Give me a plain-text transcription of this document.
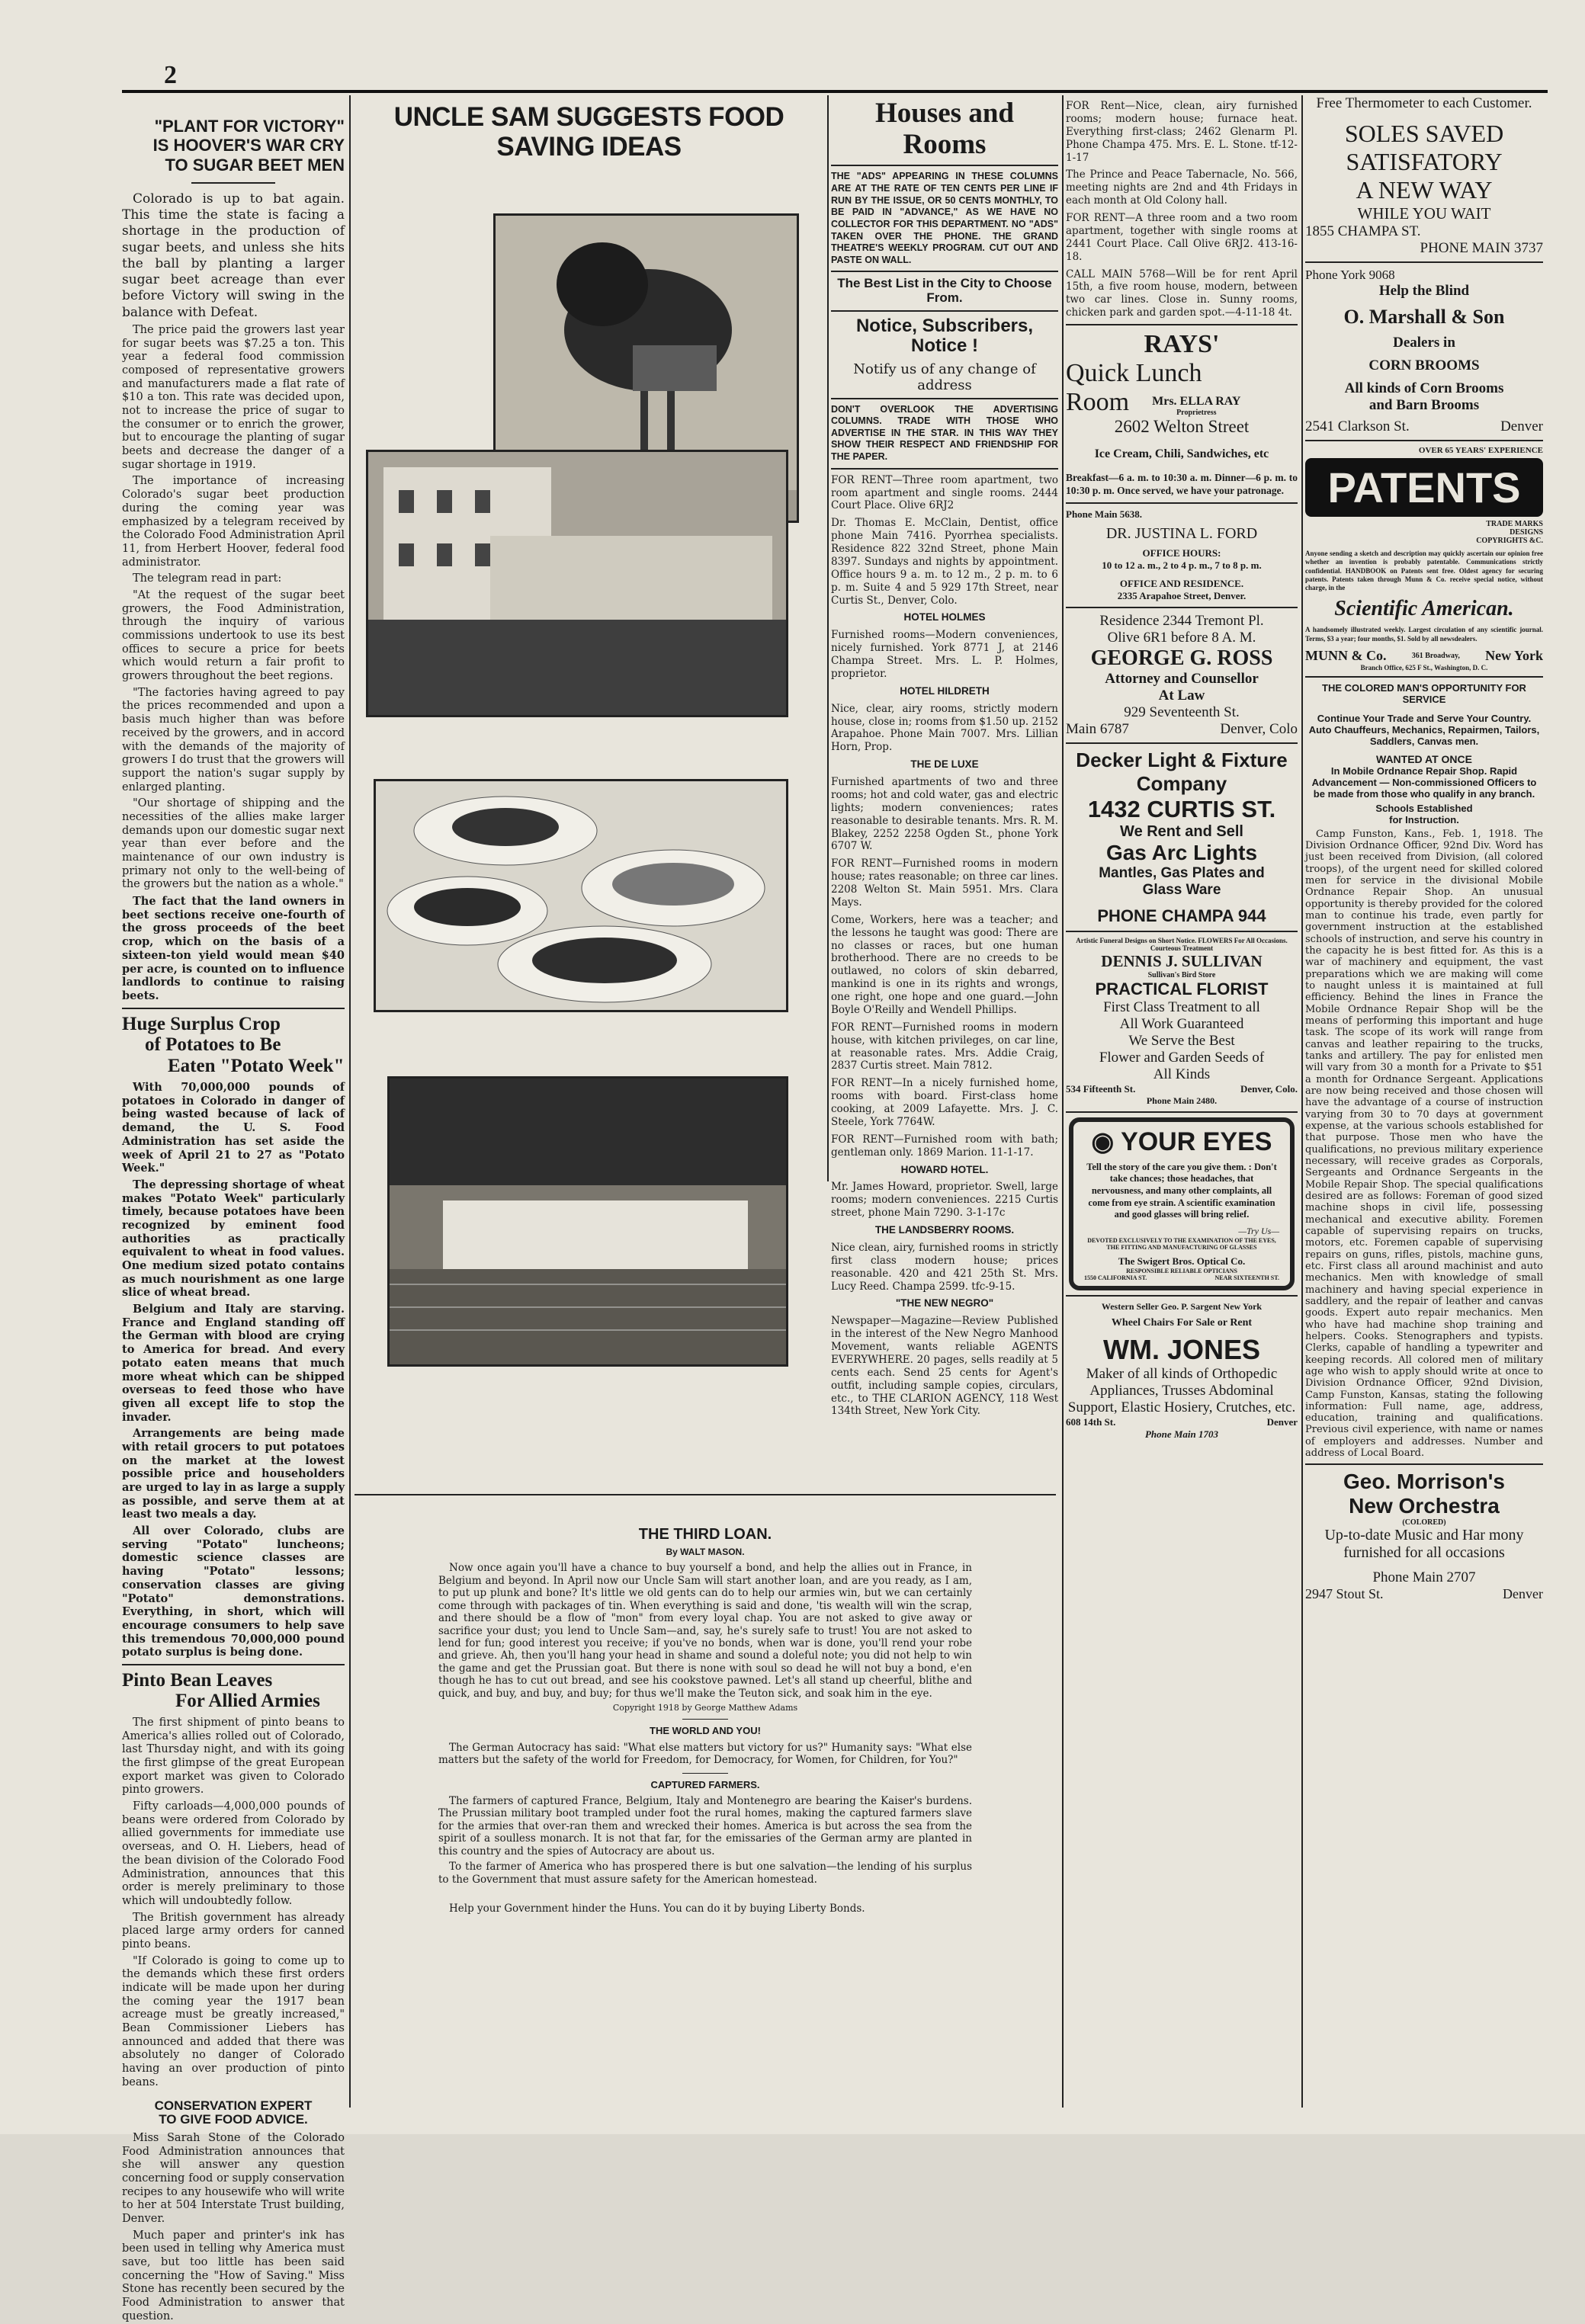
2
"PLANT FOR VICTORY"
IS HOOVER'S WAR CRY
TO SUGAR BEET MEN

Colorado is up to bat again. This time the state is facing a shortage in the production of sugar beets, and unless she hits the ball by planting a larger sugar beet acreage than ever before Victory will swing in the balance with Defeat.

The price paid the growers last year for sugar beets was $7.25 a ton. This year a federal food commission composed of representative growers and manufacturers made a flat rate of $10 a ton. This rate was decided upon, not to increase the price of sugar to the consumer or to enrich the grower, but to encourage the planting of sugar beets and decrease the danger of a sugar shortage in 1919.

The importance of increasing Colorado's sugar beet production during the coming year was emphasized by a telegram received by the Colorado Food Administration April 11, from Herbert Hoover, federal food administrator.

The telegram read in part:

"At the request of the sugar beet growers, the Food Administration, through the inquiry of various commissions undertook to use its best offices to secure a price for beets which would return a fair profit to growers throughout the beet regions.

"The factories having agreed to pay the prices recommended and upon a basis much higher than was before received by the growers, and in accord with the demands of the majority of growers I do trust that the growers will support the nation's sugar supply by enlarged planting.

"Our shortage of shipping and the necessities of the allies make larger demands upon our domestic sugar next year than ever before and the maintenance of our own industry is primary not only to the well-being of the growers but the nation as a whole."

The fact that the land owners in beet sections receive one-fourth of the gross proceeds of the beet crop, which on the basis of a sixteen-ton yield would mean $40 per acre, is counted on to influence landlords to continue to raising beets.

Huge Surplus Crop
of Potatoes to Be
Eaten "Potato Week"

With 70,000,000 pounds of potatoes in Colorado in danger of being wasted because of lack of demand, the U. S. Food Administration has set aside the week of April 21 to 27 as "Potato Week."

The depressing shortage of wheat makes "Potato Week" particularly timely, because potatoes have been recognized by eminent food authorities as practically equivalent to wheat in food values. One medium sized potato contains as much nourishment as one large slice of wheat bread.

Belgium and Italy are starving. France and England standing off the German with blood are crying to America for bread. And every potato eaten means that much more wheat which can be shipped overseas to feed those who have given all except life to stop the invader.

Arrangements are being made with retail grocers to put potatoes on the market at the lowest possible price and householders are urged to lay in as large a supply as possible, and serve them at at least two meals a day.

All over Colorado, clubs are serving "Potato" luncheons; domestic science classes are having "Potato" lessons; conservation classes are giving "Potato" demonstrations. Everything, in short, which will encourage consumers to help save this tremendous 70,000,000 pound potato surplus is being done.

Pinto Bean Leaves
For Allied Armies

The first shipment of pinto beans to America's allies rolled out of Colorado, last Thursday night, and with its going the first glimpse of the great European export market was given to Colorado pinto growers.

Fifty carloads—4,000,000 pounds of beans were ordered from Colorado by allied governments for immediate use overseas, and O. H. Liebers, head of the bean division of the Colorado Food Administration, announces that this order is merely preliminary to those which will undoubtedly follow.

The British government has already placed large army orders for canned pinto beans.

"If Colorado is going to come up to the demands which these first orders indicate will be made upon her during the coming year the 1917 bean acreage must be greatly increased," Bean Commissioner Liebers has announced and added that there was absolutely no danger of Colorado having an over production of pinto beans.

CONSERVATION EXPERT
TO GIVE FOOD ADVICE.

Miss Sarah Stone of the Colorado Food Administration announces that she will answer any question concerning food or supply conservation recipes to any housewife who will write to her at 504 Interstate Trust building, Denver.

Much paper and printer's ink has been used in telling why America must save, but too little has been said concerning the "How of Saving." Miss Stone has recently been secured by the Food Administration to answer that question.

UNCLE SAM SUGGESTS FOOD SAVING IDEAS
THE THIRD LOAN.
By WALT MASON.

Now once again you'll have a chance to buy yourself a bond, and help the allies out in France, in Belgium and beyond. In April now our Uncle Sam will start another loan, and are you ready, as I am, to put up plunk and bone? It's little we old gents can do to help our armies win, but we can certainly come through with packages of tin. When everything is said and done, 'tis wealth will win the scrap, and there should be a flow of "mon" from every loyal chap. You are not asked to give away or sacrifice your dust; you lend to Uncle Sam—and, say, he's surely safe to trust! You are not asked to lend for fun; good interest you receive; if you've no bonds, when war is done, you'll rend your robe and grieve. Ah, then you'll hang your head in shame and sound a doleful note; you did not help to win the game and get the Prussian goat. But there is none with soul so dead he will not buy a bond, e'en though he has to cut out bread, and see his cookstove pawned. Let's all stand up cheerful, blithe and quick, and buy, and buy, and buy; for thus we'll make the Teuton sick, and soak him in the eye.

Copyright 1918 by George Matthew Adams
THE WORLD AND YOU!

The German Autocracy has said: "What else matters but victory for us?" Humanity says: "What else matters but the safety of the world for Freedom, for Democracy, for Women, for Children, for You?"

CAPTURED FARMERS.

The farmers of captured France, Belgium, Italy and Montenegro are bearing the Kaiser's burdens. The Prussian military boot trampled under foot the rural homes, making the captured farmers slave for the armies that over-ran them and wrecked their homes. America is but across the sea from the spirit of a soulless monarch. It is not that far, for the emissaries of the German army are planted in this country and the spies of Autocracy are about us.

To the farmer of America who has prospered there is but one salvation—the lending of his surplus to the Government that must assure safety for the American homestead.

Help your Government hinder the Huns. You can do it by buying Liberty Bonds.

Houses and Rooms

THE "ADS" APPEARING IN THESE COLUMNS ARE AT THE RATE OF TEN CENTS PER LINE IF RUN BY THE ISSUE, OR 50 CENTS MONTHLY, TO BE PAID IN "ADVANCE," AS WE HAVE NO COLLECTOR FOR THIS DEPARTMENT. NO "ADS" TAKEN OVER THE PHONE. THE GRAND THEATRE'S WEEKLY PROGRAM. CUT OUT AND PASTE ON WALL.

The Best List in the City to Choose From.
Notice, Subscribers, Notice !
Notify us of any change of address

DON'T OVERLOOK THE ADVERTISING COLUMNS. TRADE WITH THOSE WHO ADVERTISE IN THE STAR. IN THIS WAY THEY SHOW THEIR RESPECT AND FRIENDSHIP FOR THE PAPER.

FOR RENT—Three room apartment, two room apartment and single rooms. 2444 Court Place. Olive 6RJ2

Dr. Thomas E. McClain, Dentist, office phone Main 7416. Pyorrhea specialists. Residence 822 32nd Street, phone Main 8397. Sundays and nights by appointment. Office hours 9 a. m. to 12 m., 2 p. m. to 6 p. m. Suite 4 and 5 929 17th Street, near Curtis St., Denver, Colo.

HOTEL HOLMES

Furnished rooms—Modern conveniences, nicely furnished. York 8771 J, at 2146 Champa Street. Mrs. L. P. Holmes, proprietor.

HOTEL HILDRETH

Nice, clear, airy rooms, strictly modern house, close in; rooms from $1.50 up. 2152 Arapahoe. Phone Main 7007. Mrs. Lillian Horn, Prop.

THE DE LUXE

Furnished apartments of two and three rooms; hot and cold water, gas and electric lights; modern conveniences; rates reasonable to desirable tenants. Mrs. R. M. Blakey, 2252 2258 Ogden St., phone York 6707 W.

FOR RENT—Furnished rooms in modern house; rates reasonable; on three car lines. 2208 Welton St. Main 5951. Mrs. Clara Mays.

Come, Workers, here was a teacher; and the lessons he taught was good: There are no classes or races, but one human brotherhood. There are no creeds to be outlawed, no colors of skin debarred, mankind is one in its rights and wrongs, one right, one hope and one guard.—John Boyle O'Reilly and Wendell Phillips.

FOR RENT—Furnished rooms in modern house, with kitchen privileges, on car line, at reasonable rates. Mrs. Addie Craig, 2837 Curtis street. Main 7812.

FOR RENT—In a nicely furnished home, rooms with board. First-class home cooking, at 2009 Lafayette. Mrs. J. C. Steele, York 7764W.

FOR RENT—Furnished room with bath; gentleman only. 1869 Marion. 11-1-17.

HOWARD HOTEL.

Mr. James Howard, proprietor. Swell, large rooms; modern conveniences. 2215 Curtis street, phone Main 7290. 3-1-17c

THE LANDSBERRY ROOMS.

Nice clean, airy, furnished rooms in strictly first class modern house; prices reasonable. 420 and 421 25th St. Mrs. Lucy Reed. Champa 2599. tfc-9-15.

"THE NEW NEGRO"

Newspaper—Magazine—Review Published in the interest of the New Negro Manhood Movement, wants reliable AGENTS EVERYWHERE. 20 pages, sells readily at 5 cents each. Send 25 cents for Agent's outfit, including sample copies, circulars, etc., to THE CLARION AGENCY, 118 West 134th Street, New York City.

FOR Rent—Nice, clean, airy furnished rooms; modern house; furnace heat. Everything first-class; 2462 Glenarm Pl. Phone Champa 475. Mrs. E. L. Stone. tf-12-1-17

The Prince and Peace Tabernacle, No. 566, meeting nights are 2nd and 4th Fridays in each month at Old Colony hall.

FOR RENT—A three room and a two room apartment, together with single rooms at 2441 Court Place. Call Olive 6RJ2. 413-16-18.

CALL MAIN 5768—Will be for rent April 15th, a five room house, modern, between two car lines. Close in. Sunny rooms, chicken park and garden spot.—4-11-18 4t.

RAYS'
Quick Lunch
Room Mrs. ELLA RAY
Proprietress
2602 Welton Street
Ice Cream, Chili, Sandwiches, etc

Breakfast—6 a. m. to 10:30 a. m. Dinner—6 p. m. to 10:30 p. m. Once served, we have your patronage.

Phone Main 5638.
DR. JUSTINA L. FORD
OFFICE HOURS:
10 to 12 a. m., 2 to 4 p. m., 7 to 8 p. m.
OFFICE AND RESIDENCE.
2335 Arapahoe Street, Denver.
Residence 2344 Tremont Pl.
Olive 6R1 before 8 A. M.
GEORGE G. ROSS
Attorney and Counsellor
At Law
929 Seventeenth St.
Main 6787	Denver, Colo
Decker Light & Fixture
Company
1432 CURTIS ST.
We Rent and Sell
Gas Arc Lights
Mantles, Gas Plates and
Glass Ware
PHONE CHAMPA 944
Artistic Funeral Designs on Short Notice. FLOWERS For All Occasions. Courteous Treatment
DENNIS J. SULLIVAN
Sullivan's Bird Store
PRACTICAL FLORIST
First Class Treatment to all
All Work Guaranteed
We Serve the Best
Flower and Garden Seeds of
All Kinds
534 Fifteenth St.	Denver, Colo.
Phone Main 2480.
◉ YOUR EYES

Tell the story of the care you give them. : Don't take chances; those headaches, that nervousness, and many other complaints, all come from eye strain. A scientific examination and good glasses will bring relief.

—Try Us—
DEVOTED EXCLUSIVELY TO THE EXAMINATION OF THE EYES, THE FITTING AND MANUFACTURING OF GLASSES
The Swigert Bros. Optical Co.
RESPONSIBLE RELIABLE OPTICIANS
1550 CALIFORNIA ST.	NEAR SIXTEENTH ST.
Western Seller Geo. P. Sargent New York
Wheel Chairs For Sale or Rent
WM. JONES
Maker of all kinds of Orthopedic Appliances, Trusses Abdominal Support, Elastic Hosiery, Crutches, etc.
608 14th St.	Denver
Phone Main 1703
Free Thermometer to each Customer.
SOLES SAVED
SATISFATORY
A NEW WAY
WHILE YOU WAIT
1855 CHAMPA ST.
PHONE MAIN 3737
Phone York 9068
Help the Blind
O. Marshall & Son
Dealers in
CORN BROOMS
All kinds of Corn Brooms
and Barn Brooms
2541 Clarkson St.	Denver
OVER 65 YEARS' EXPERIENCE
PATENTS
TRADE MARKS
DESIGNS
COPYRIGHTS &C.

Anyone sending a sketch and description may quickly ascertain our opinion free whether an invention is probably patentable. Communications strictly confidential. HANDBOOK on Patents sent free. Oldest agency for securing patents. Patents taken through Munn & Co. receive special notice, without charge, in the

Scientific American.

A handsomely illustrated weekly. Largest circulation of any scientific journal. Terms, $3 a year; four months, $1. Sold by all newsdealers.

MUNN & Co.	361 Broadway, New York
Branch Office, 625 F St., Washington, D. C.
THE COLORED MAN'S OPPORTUNITY FOR SERVICE
Continue Your Trade and Serve Your Country.
Auto Chauffeurs, Mechanics, Repairmen, Tailors, Saddlers, Canvas men.
WANTED AT ONCE
In Mobile Ordnance Repair Shop. Rapid Advancement — Non-commissioned Officers to be made from those who qualify in any branch.
Schools Established
for Instruction.

Camp Funston, Kans., Feb. 1, 1918. The Division Ordnance Officer, 92nd Div. Word has just been received from Division, (all colored troops), of the urgent need for skilled colored men for service in the divisional Mobile Ordnance Repair Shop. An unusual opportunity is thereby provided for the colored man to continue his trade, even partly for government instruction at the established schools of instruction, and serve his country in the capacity he is best fitted for. As this is a war of machinery and equipment, the vast preparations which we are making will come to naught unless it is maintained at full efficiency. Behind the lines in France the Mobile Ordnance Repair Shop will be the means of performing this important and huge task. The scope of its work will range from canvas and leather repairing to the trucks, tanks and artillery. The pay for enlisted men will vary from 30 a month for a Private to $51 a month for Ordnance Sergeant. Applications are now being received and those chosen will have the advantage of a course of instruction varying from 30 to 70 days at government expense, at the various schools established for that purpose. Those men who have the qualifications, no previous military experience necessary, will receive grades as Corporals, Sergeants and Ordnance Sergeants in the Mobile Repair Shop. The special qualifications desired are as follows: Foreman of good sized machine shops in civil life, possessing mechanical and executive ability. Foremen capable of supervising repairs on trucks, motors, etc. Foremen capable of supervising repairs on guns, rifles, pistols, machine guns, etc. First class all around machinist and auto mechanics. Men with knowledge of small machinery and having special experience in saddlery, and the repair of leather and canvas goods. Expert auto repair mechanics. Men who have had machine shop training and helpers. Cooks. Stenographers and typists. Clerks, capable of handling a typewriter and keeping records. All colored men of military age who wish to apply should write at once to Division Ordnance Officer, 92nd Division, Camp Funston, Kansas, stating the following information: Full name, age, address, education, training and qualifications. Previous civil experience, with name or names of employers and addresses. Number and address of Local Board.

Geo. Morrison's
New Orchestra
(COLORED)
Up-to-date Music and Har mony furnished for all occasions
Phone Main 2707
2947 Stout St.	Denver
